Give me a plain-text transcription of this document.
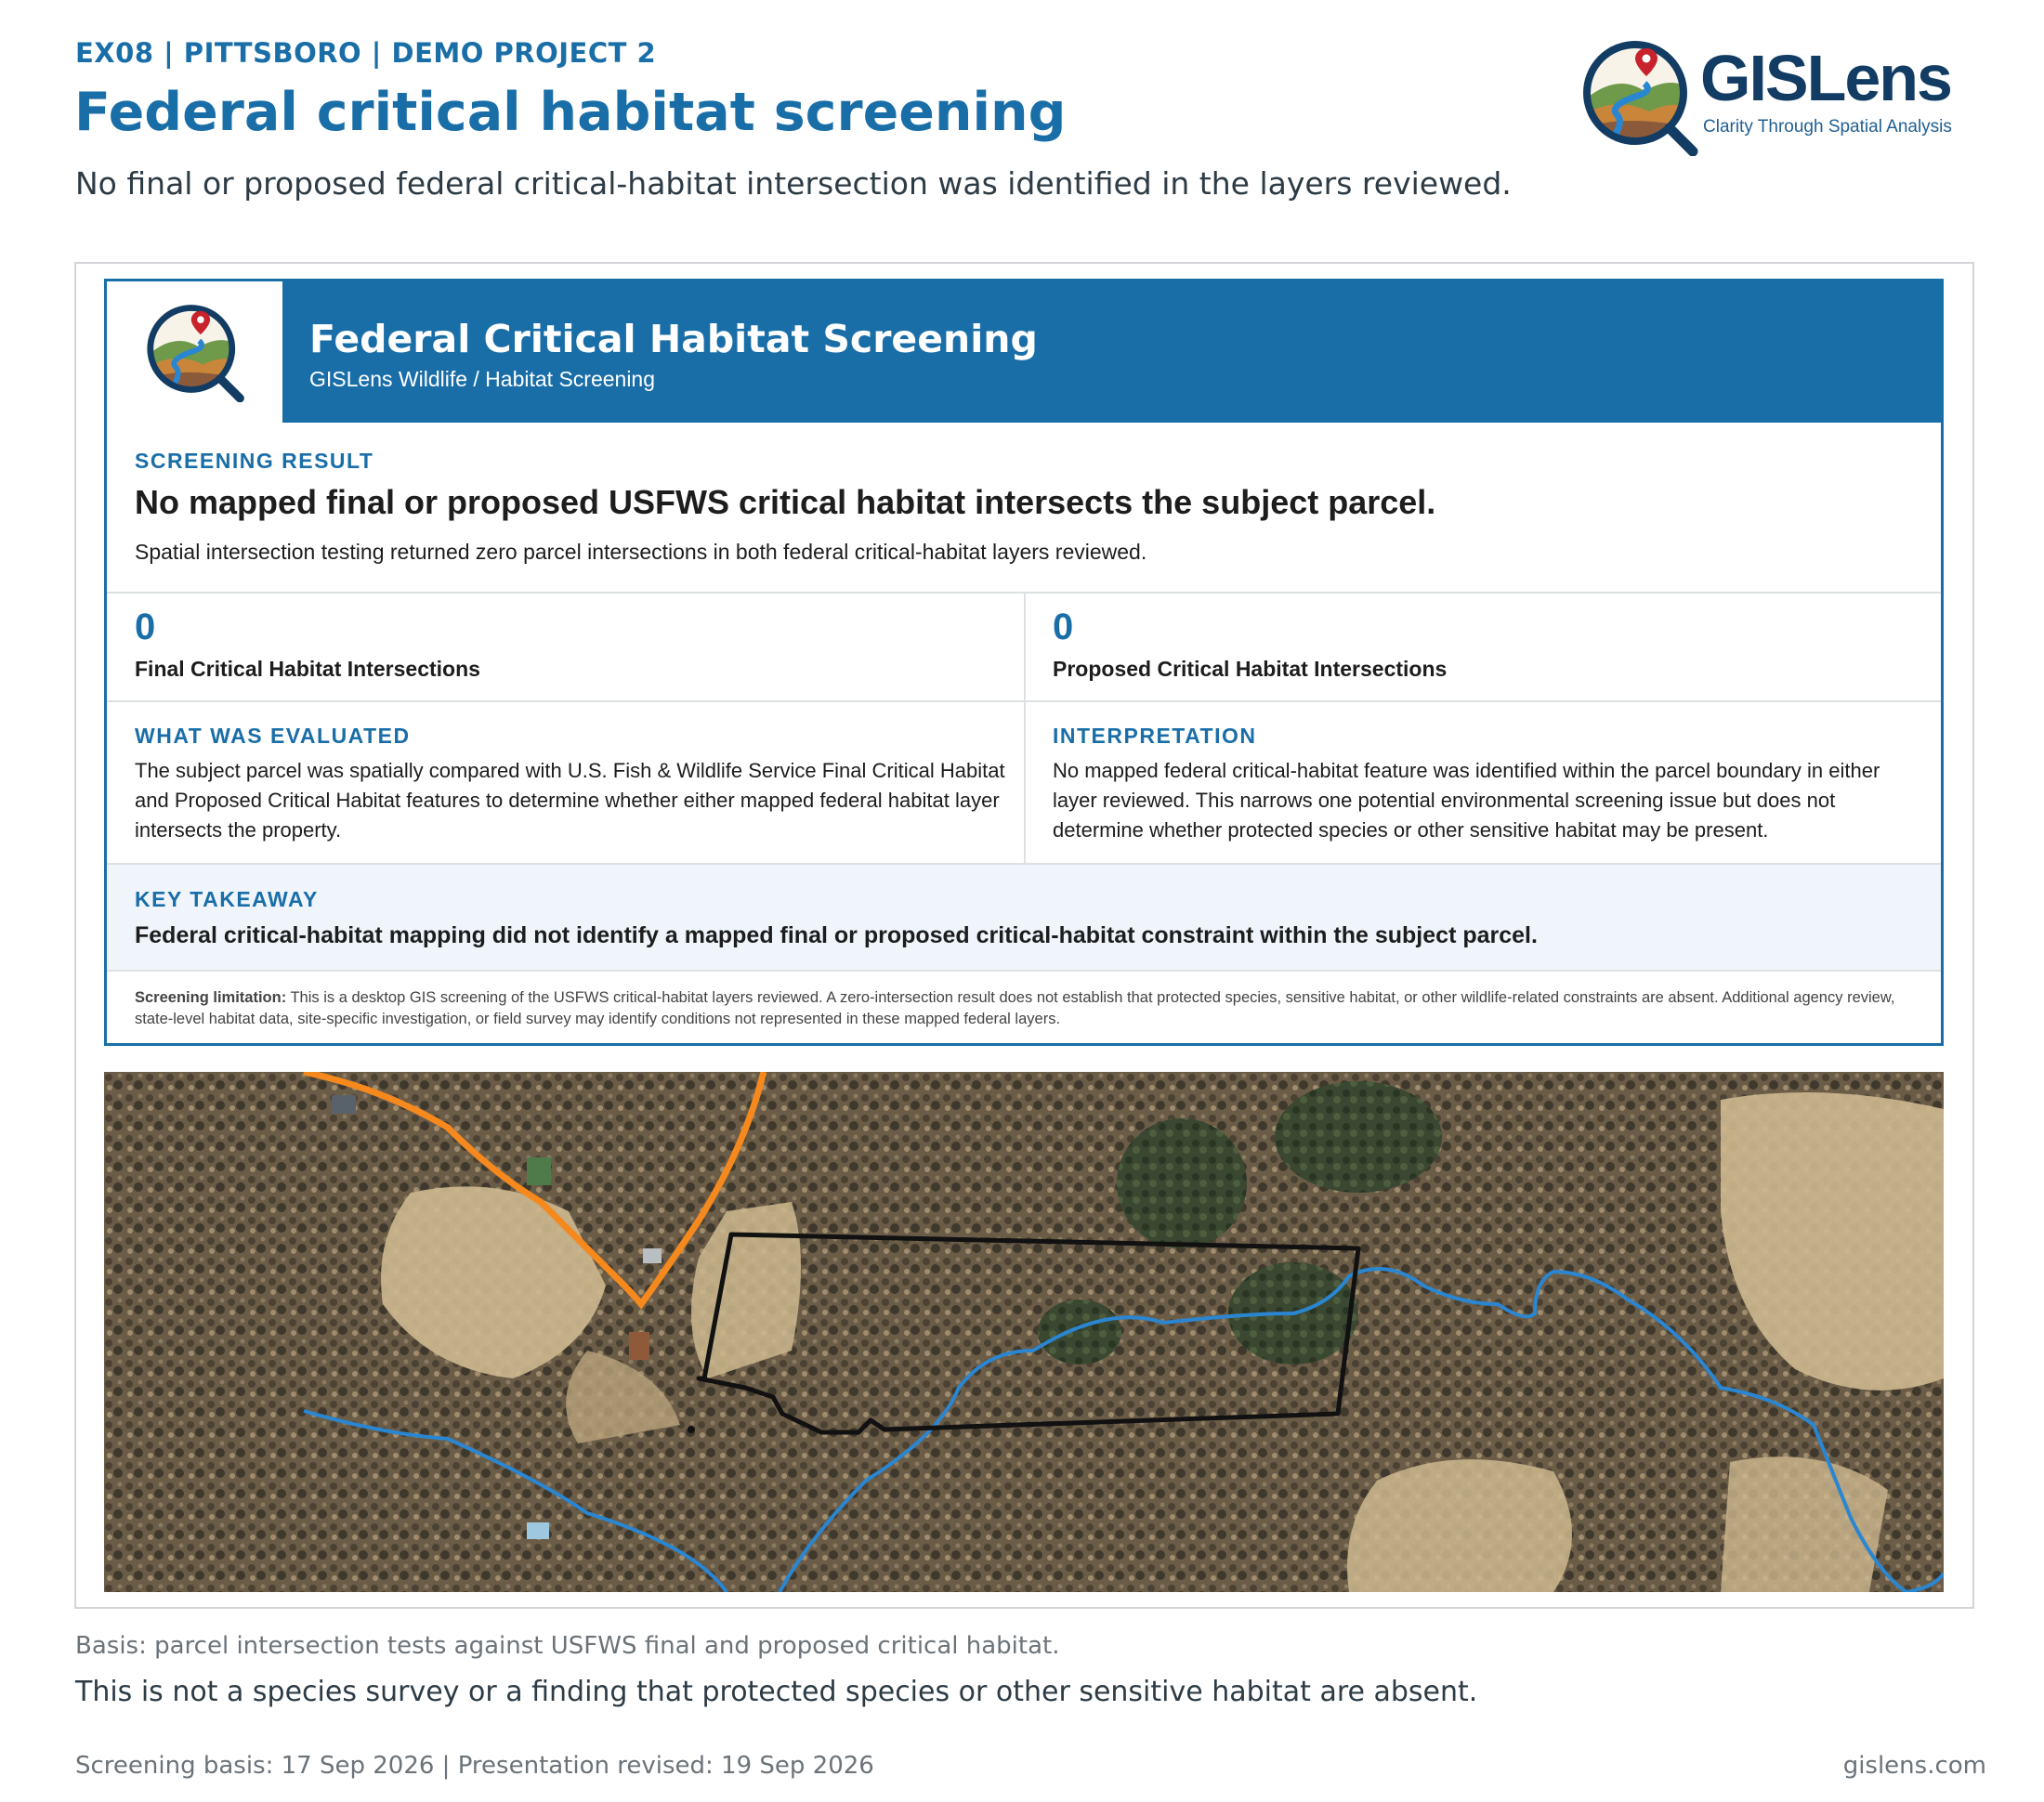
EX08 | PITTSBORO | DEMO PROJECT 2
Federal critical habitat screening
No final or proposed federal critical-habitat intersection was identified in the layers reviewed.
GISLens
Clarity Through Spatial Analysis
Federal Critical Habitat Screening
GISLens Wildlife / Habitat Screening
SCREENING RESULT
No mapped final or proposed USFWS critical habitat intersects the subject parcel.
Spatial intersection testing returned zero parcel intersections in both federal critical-habitat layers reviewed.
0
Final Critical Habitat Intersections
0
Proposed Critical Habitat Intersections
WHAT WAS EVALUATED
The subject parcel was spatially compared with U.S. Fish & Wildlife Service Final Critical Habitat and Proposed Critical Habitat features to determine whether either mapped federal habitat layer intersects the property.
INTERPRETATION
No mapped federal critical-habitat feature was identified within the parcel boundary in either layer reviewed. This narrows one potential environmental screening issue but does not determine whether protected species or other sensitive habitat may be present.
KEY TAKEAWAY
Federal critical-habitat mapping did not identify a mapped final or proposed critical-habitat constraint within the subject parcel.
Screening limitation: This is a desktop GIS screening of the USFWS critical-habitat layers reviewed. A zero-intersection result does not establish that protected species, sensitive habitat, or other wildlife-related constraints are absent. Additional agency review, state-level habitat data, site-specific investigation, or field survey may identify conditions not represented in these mapped federal layers.
Basis: parcel intersection tests against USFWS final and proposed critical habitat.
This is not a species survey or a finding that protected species or other sensitive habitat are absent.
Screening basis: 17 Sep 2026 | Presentation revised: 19 Sep 2026	gislens.com
